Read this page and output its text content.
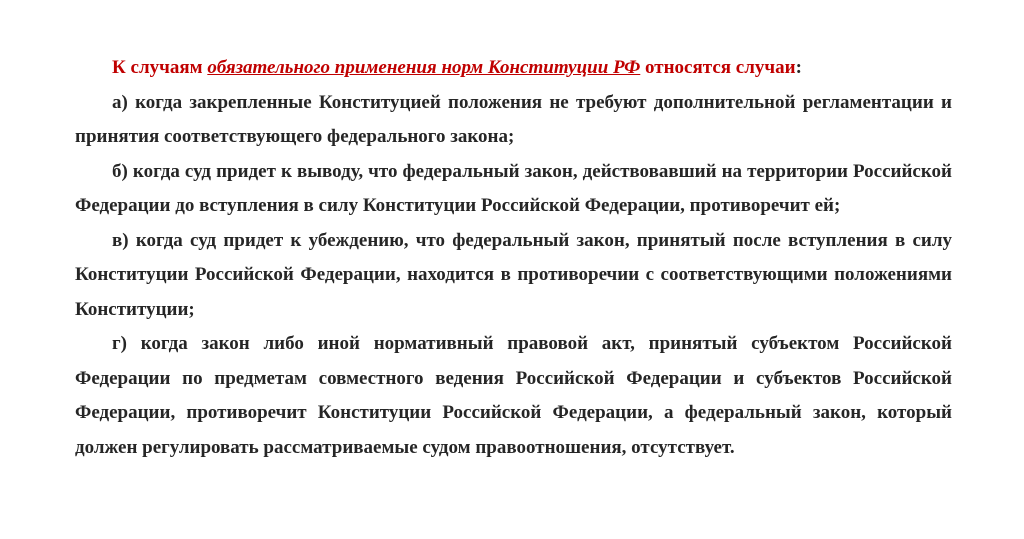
К случаям обязательного применения норм Конституции РФ относятся случаи:

а) когда закрепленные Конституцией положения не требуют дополнительной регламентации и принятия соответствующего федерального закона;

б) когда суд придет к выводу, что федеральный закон, действовавший на территории Российской Федерации до вступления в силу Конституции Российской Федерации, противоречит ей;

в) когда суд придет к убеждению, что федеральный закон, принятый после вступления в силу Конституции Российской Федерации, находится в противоречии с соответствующими положениями Конституции;

г) когда закон либо иной нормативный правовой акт, принятый субъектом Российской Федерации по предметам совместного ведения Российской Федерации и субъектов Российской Федерации, противоречит Конституции Российской Федерации, а федеральный закон, который должен регулировать рассматриваемые судом правоотношения, отсутствует.
